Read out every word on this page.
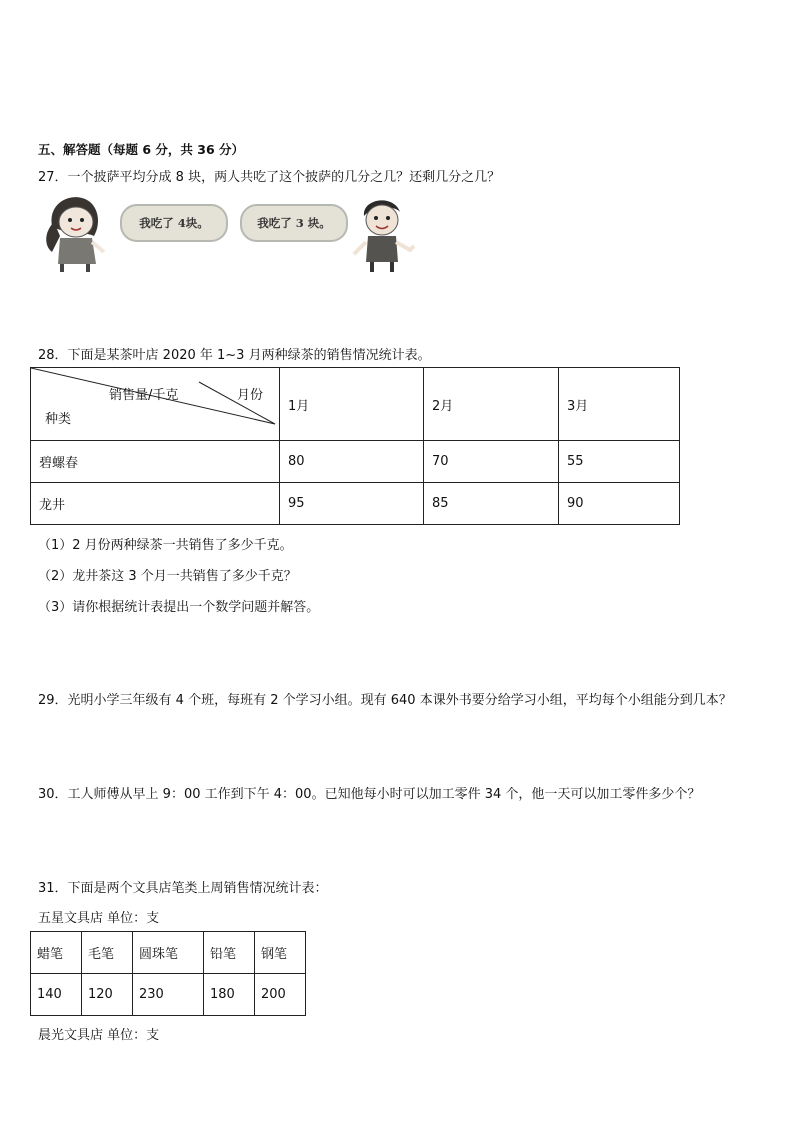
五、解答题（每题 6 分，共 36 分）
27．一个披萨平均分成 8 块，两人共吃了这个披萨的几分之几？还剩几分之几？
我吃了 4块。	我吃了 3 块。
28．下面是某茶叶店 2020 年 1~3 月两种绿茶的销售情况统计表。
销售量/千克 月份
种类	1月	2月	3月
碧螺春	80	70	55
龙井	95	85	90
（1）2 月份两种绿茶一共销售了多少千克。
（2）龙井茶这 3 个月一共销售了多少千克？
（3）请你根据统计表提出一个数学问题并解答。
29．光明小学三年级有 4 个班，每班有 2 个学习小组。现有 640 本课外书要分给学习小组，平均每个小组能分到几本？
30．工人师傅从早上 9：00 工作到下午 4：00。已知他每小时可以加工零件 34 个，他一天可以加工零件多少个？
31．下面是两个文具店笔类上周销售情况统计表：
五星文具店 单位：支
蜡笔	毛笔	圆珠笔	铅笔	钢笔
140	120	230	180	200
晨光文具店 单位：支
